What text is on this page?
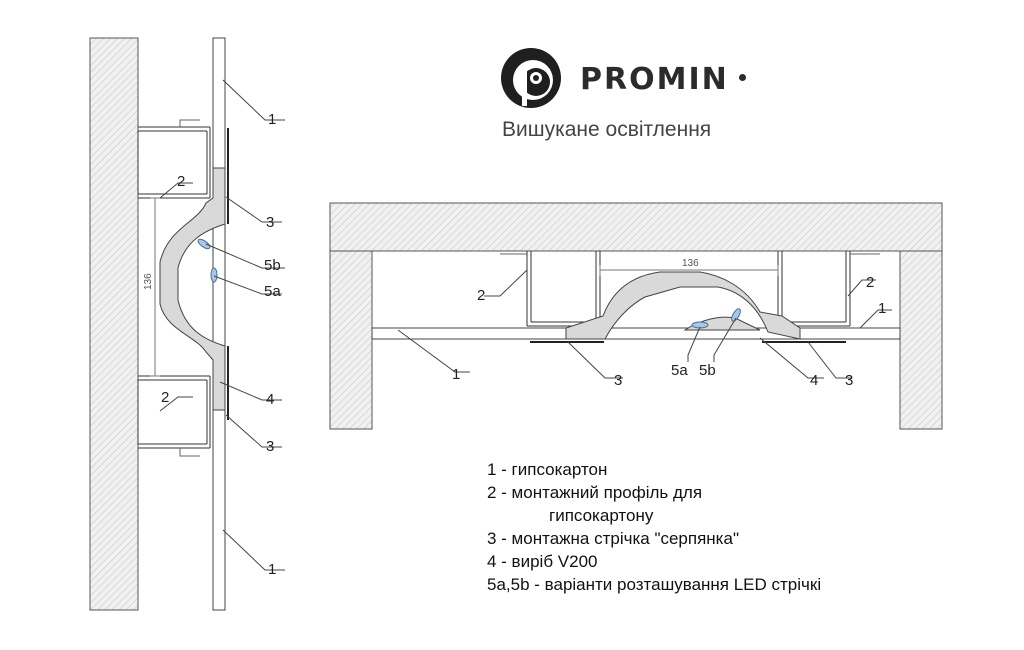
136
1
2
3
5b
5a
2	4
3
1
136
2
2
1
1	3
5a 5b
4 3
PROMIN
Вишукане освітлення
1 - гипсокартон
2 - монтажний профіль для
гипсокартону
3 - монтажна стрічка "серпянка"
4 - виріб V200
5a,5b - варіанти розташування LED стрічкі
